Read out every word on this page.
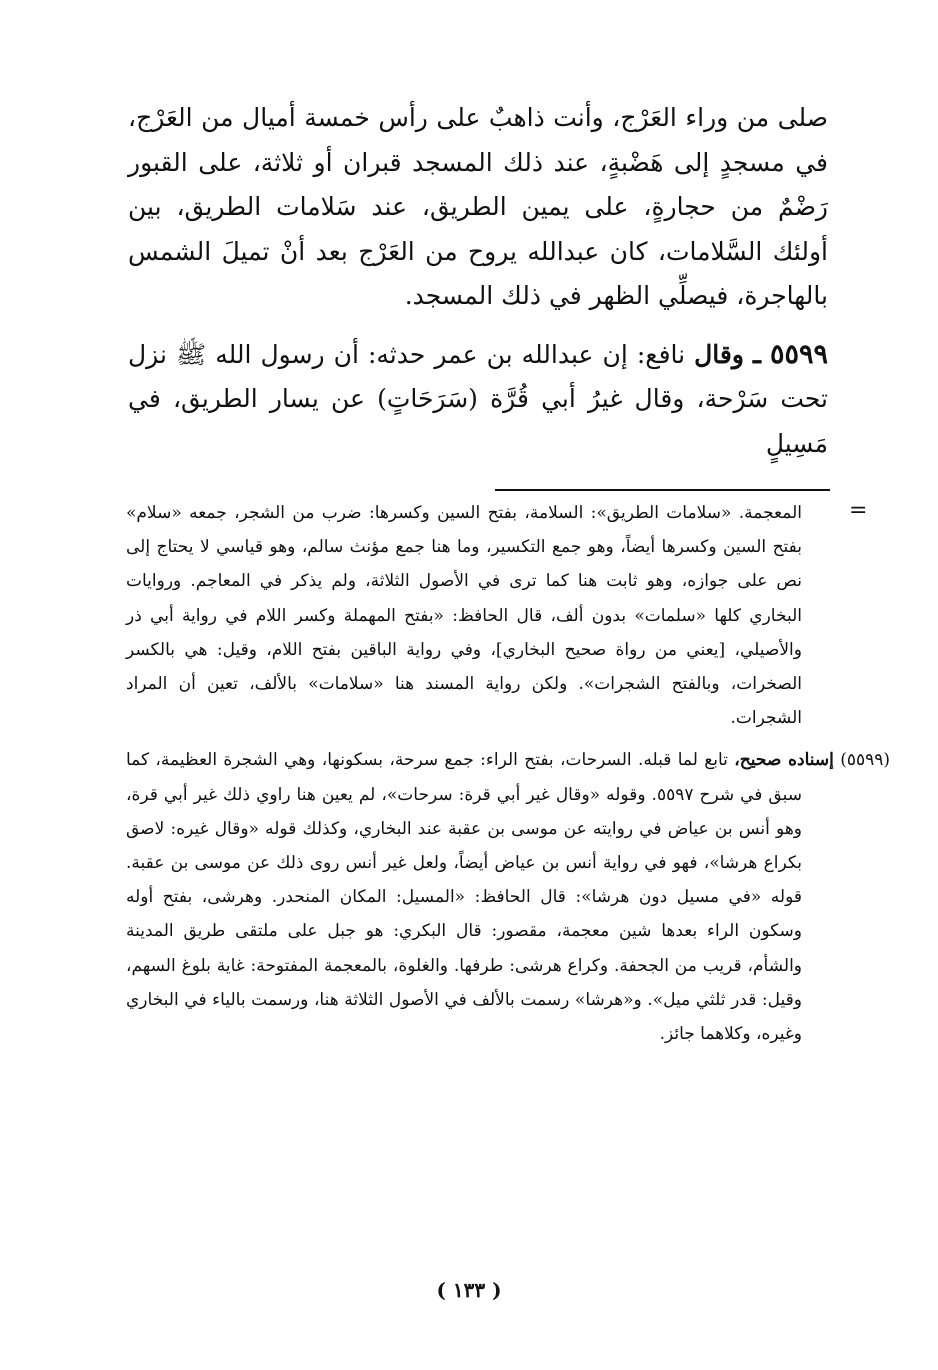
صلى من وراء العَرْج، وأنت ذاهبٌ على رأس خمسة أميال من العَرْج، في مسجدٍ إلى هَضْبةٍ، عند ذلك المسجد قبران أو ثلاثة، على القبور رَضْمٌ من حجارةٍ، على يمين الطريق، عند سَلامات الطريق، بين أولئك السَّلامات، كان عبدالله يروح من العَرْج بعد أنْ تميلَ الشمس بالهاجرة، فيصلِّي الظهر في ذلك المسجد.

٥٥٩٩ ـ وقال نافع: إن عبدالله بن عمر حدثه: أن رسول الله ﷺ نزل تحت سَرْحة، وقال غيرُ أبي قُرَّة (سَرَحَاتٍ) عن يسار الطريق، في مَسِيلٍ

=

المعجمة. «سلامات الطريق»: السلامة، بفتح السين وكسرها: ضرب من الشجر، جمعه «سلام» بفتح السين وكسرها أيضاً، وهو جمع التكسير، وما هنا جمع مؤنث سالم، وهو قياسي لا يحتاج إلى نص على جوازه، وهو ثابت هنا كما ترى في الأصول الثلاثة، ولم يذكر في المعاجم. وروايات البخاري كلها «سلمات» بدون ألف، قال الحافظ: «بفتح المهملة وكسر اللام في رواية أبي ذر والأصيلي، [يعني من رواة صحيح البخاري]، وفي رواية الباقين بفتح اللام، وقيل: هي بالكسر الصخرات، وبالفتح الشجرات». ولكن رواية المسند هنا «سلامات» بالألف، تعين أن المراد الشجرات.

(٥٥٩٩) إسناده صحيح، تابع لما قبله. السرحات، بفتح الراء: جمع سرحة، بسكونها، وهي الشجرة العظيمة، كما سبق في شرح ٥٥٩٧. وقوله «وقال غير أبي قرة: سرحات»، لم يعين هنا راوي ذلك غير أبي قرة، وهو أنس بن عياض في روايته عن موسى بن عقبة عند البخاري، وكذلك قوله «وقال غيره: لاصق بكراع هرشا»، فهو في رواية أنس بن عياض أيضاً، ولعل غير أنس روى ذلك عن موسى بن عقبة. قوله «في مسيل دون هرشا»: قال الحافظ: «المسيل: المكان المنحدر. وهرشى، بفتح أوله وسكون الراء بعدها شين معجمة، مقصور: قال البكري: هو جبل على ملتقى طريق المدينة والشأم، قريب من الجحفة. وكراع هرشى: طرفها. والغلوة، بالمعجمة المفتوحة: غاية بلوغ السهم، وقيل: قدر ثلثي ميل». و«هرشا» رسمت بالألف في الأصول الثلاثة هنا، ورسمت بالياء في البخاري وغيره، وكلاهما جائز.

( ١٣٣ )
